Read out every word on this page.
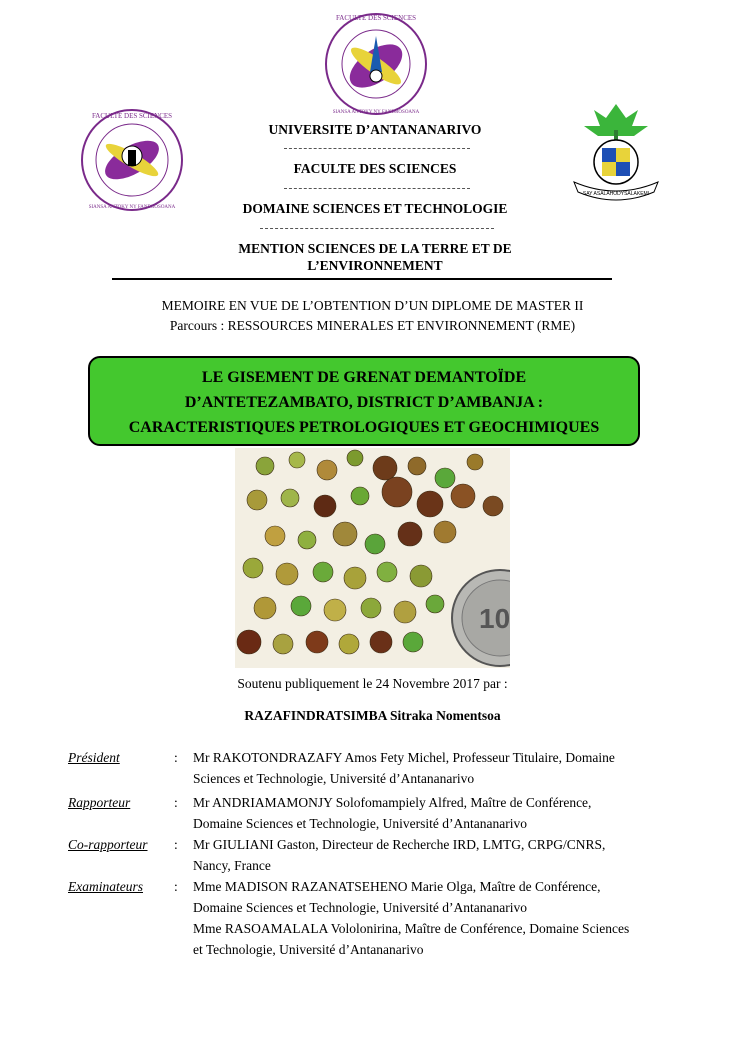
FACULTE DES SCIENCES
SIANSA ANTOKY NY FANDROSOANA
FACULTE DES SCIENCES
SIANSA ANTOKY NY FANDROSOANA
SAY ASALAHODYSALAKEMI
UNIVERSITE D’ANTANANARIVO
FACULTE DES SCIENCES
DOMAINE SCIENCES ET TECHNOLOGIE
MENTION SCIENCES DE LA TERRE ET DE
L’ENVIRONNEMENT
MEMOIRE EN VUE DE L’OBTENTION D’UN DIPLOME DE MASTER II
Parcours : RESSOURCES MINERALES ET ENVIRONNEMENT (RME)
LE GISEMENT DE GRENAT DEMANTOÏDE
D’ANTETEZAMBATO, DISTRICT D’AMBANJA :
CARACTERISTIQUES PETROLOGIQUES ET GEOCHIMIQUES
10
Soutenu publiquement le 24 Novembre 2017 par :
RAZAFINDRATSIMBA Sitraka Nomentsoa
Président	: Mr RAKOTONDRAZAFY Amos Fety Michel, Professeur Titulaire, Domaine
Sciences et Technologie, Université d’Antananarivo
Rapporteur	: Mr ANDRIAMAMONJY Solofomampiely Alfred, Maître de Conférence,
Domaine Sciences et Technologie, Université d’Antananarivo
Co-rapporteur : Mr GIULIANI Gaston, Directeur de Recherche IRD, LMTG, CRPG/CNRS,
Nancy, France
Examinateurs : Mme MADISON RAZANATSEHENO Marie Olga, Maître de Conférence,
Domaine Sciences et Technologie, Université d’Antananarivo
Mme RASOAMALALA Vololonirina, Maître de Conférence, Domaine Sciences
et Technologie, Université d’Antananarivo
